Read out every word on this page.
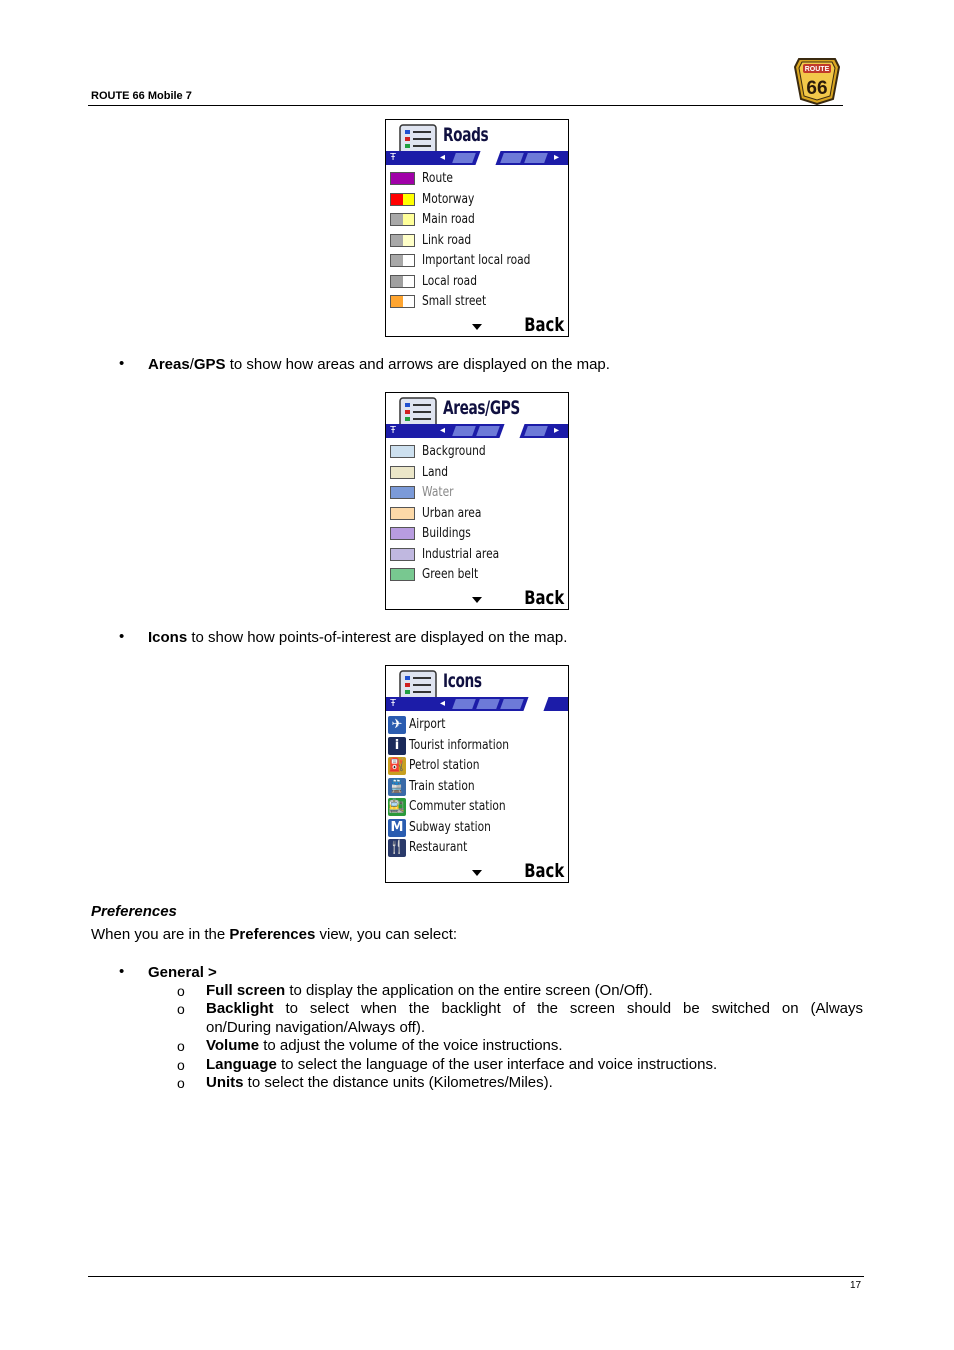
ROUTE 66 Mobile 7
ROUTE
66
Roads
Ŧ	◂	▸
Route
Motorway
Main road
Link road
Important local road
Local road
Small street
Back
• Areas/GPS to show how areas and arrows are displayed on the map.
Areas/GPS
Ŧ	◂	▸
Background
Land
Water
Urban area
Buildings
Industrial area
Green belt
Back
• Icons to show how points-of-interest are displayed on the map.
Icons
Ŧ	◂
✈ Airport
i Tourist information
⛽ Petrol station
🚆 Train station
🚉 Commuter station
M Subway station
🍴 Restaurant
Back
Preferences
When you are in the Preferences view, you can select:
• General >
o Full screen to display the application on the entire screen (On/Off).
o Backlight to select when the backlight of the screen should be switched on (Always
on/During navigation/Always off).
o Volume to adjust the volume of the voice instructions.
o Language to select the language of the user interface and voice instructions.
o Units to select the distance units (Kilometres/Miles).
17
